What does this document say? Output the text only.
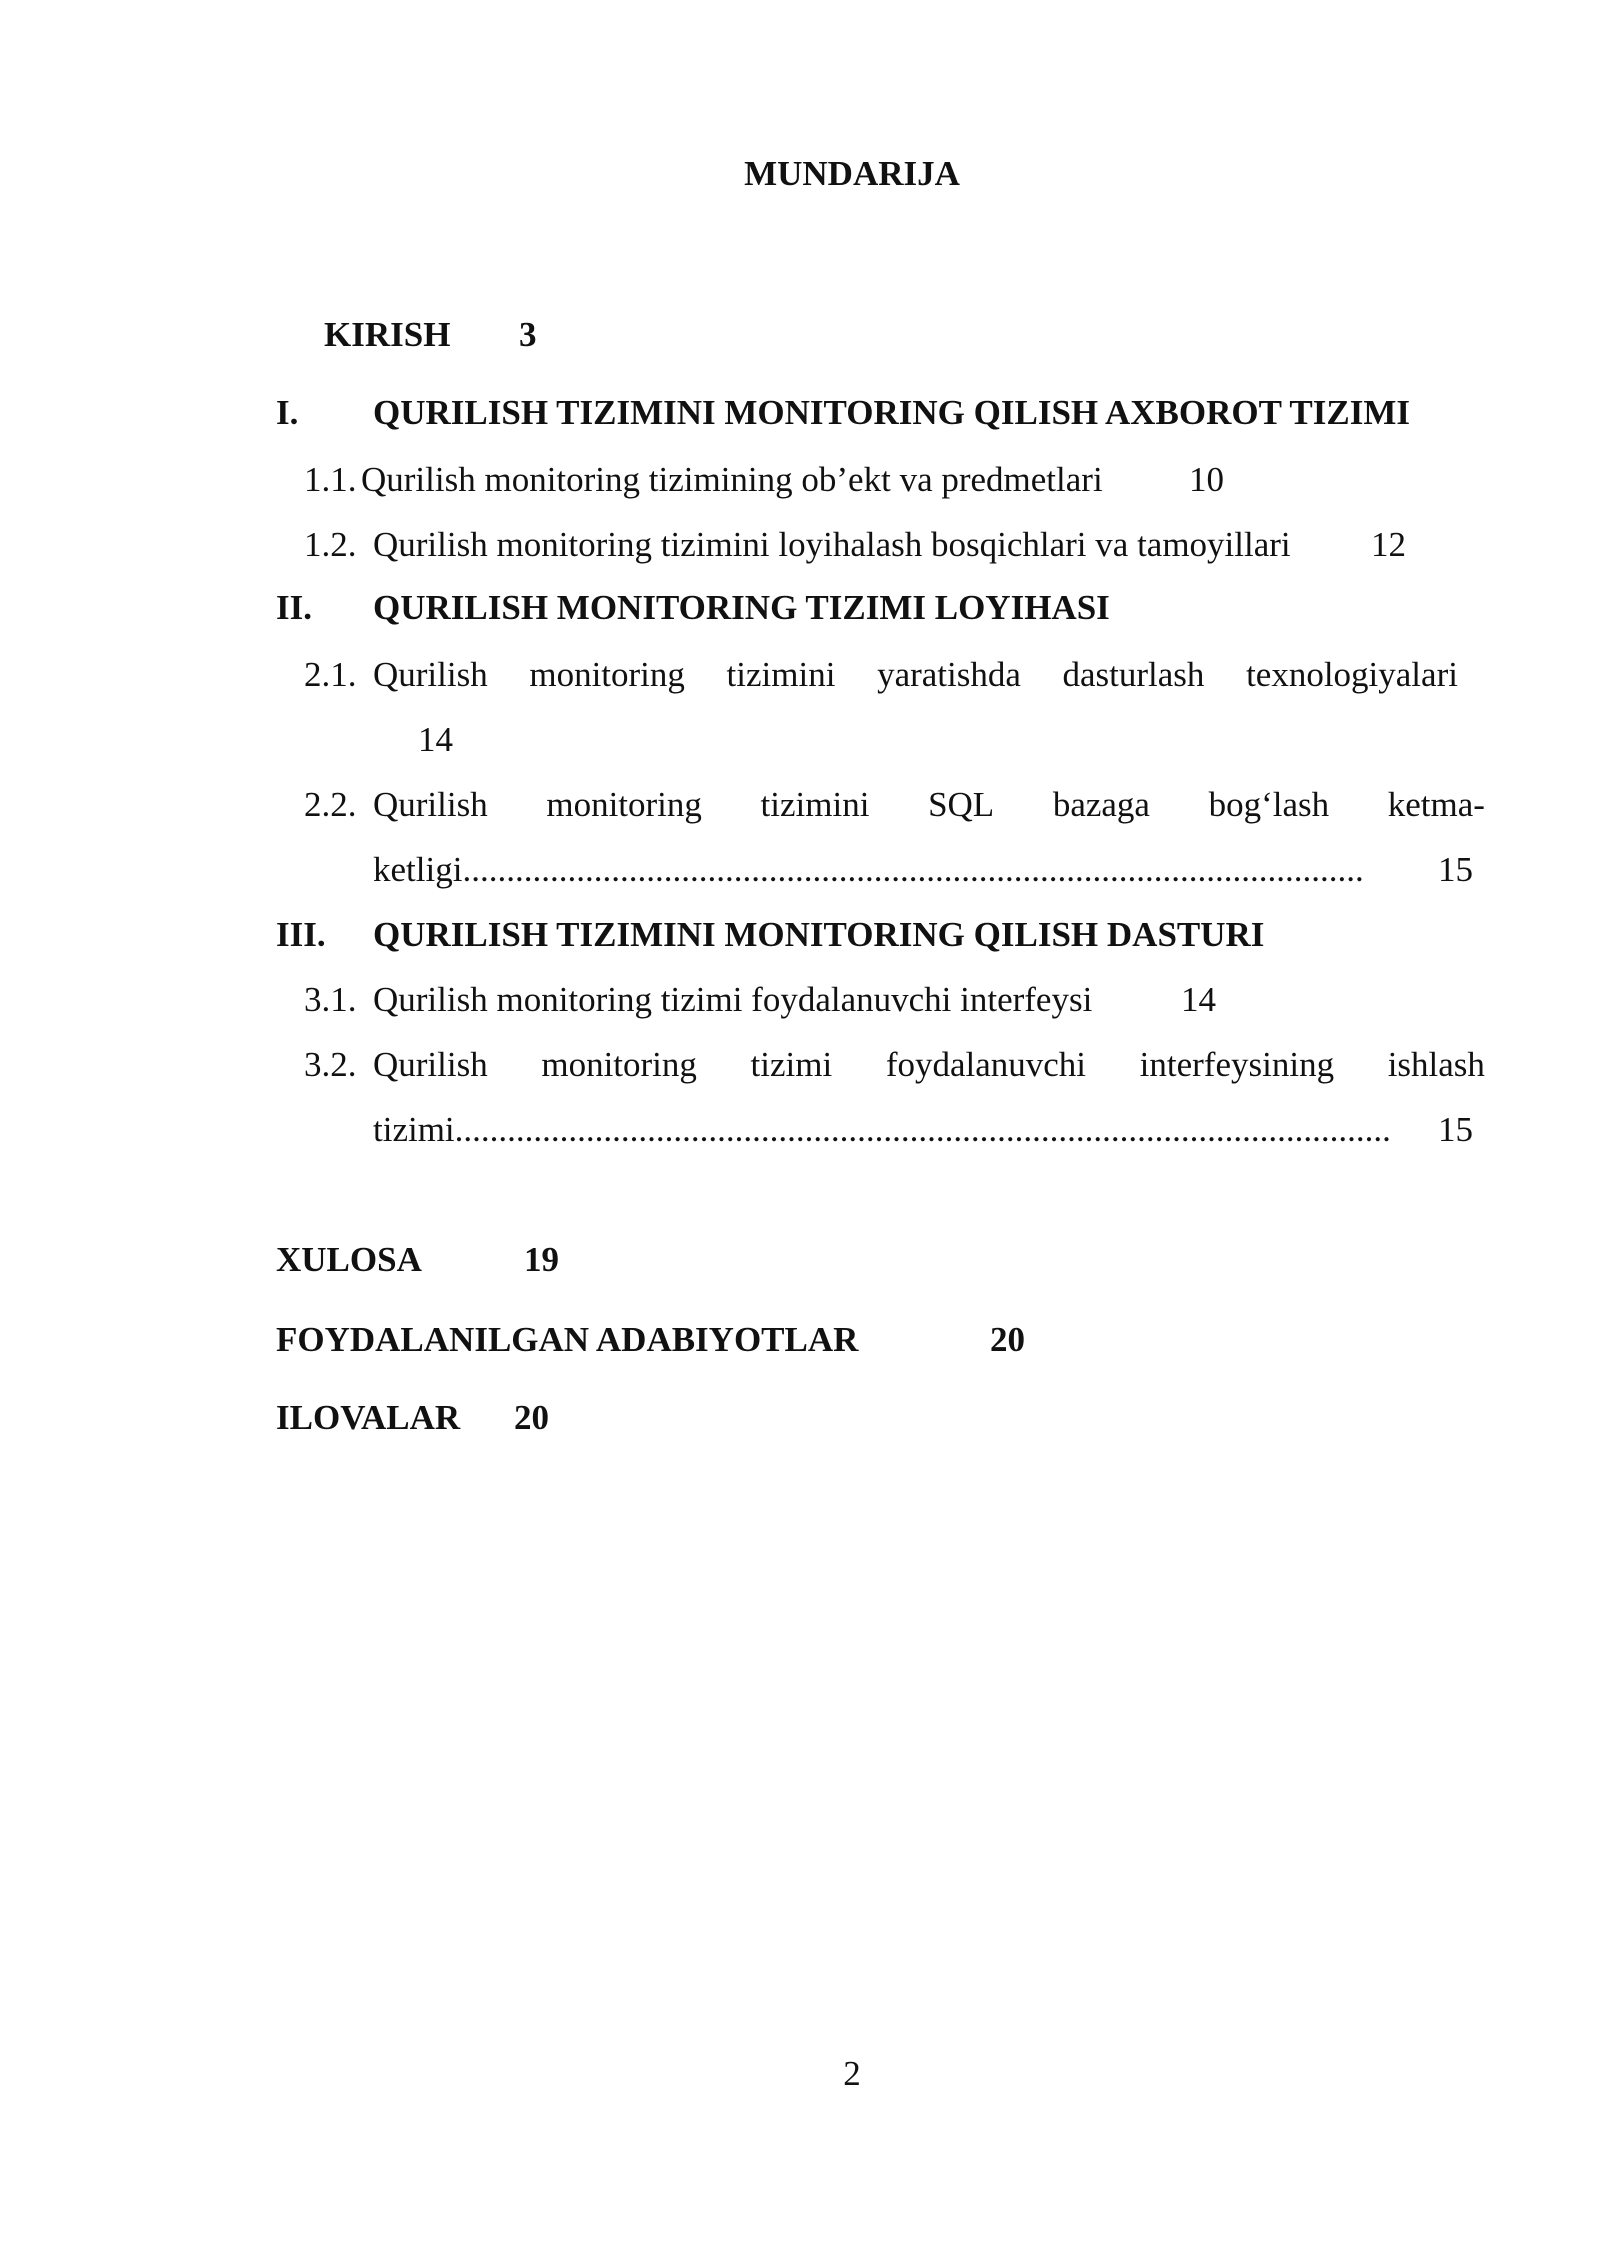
MUNDARIJA
KIRISH 3
I. QURILISH TIZIMINI MONITORING QILISH AXBOROT TIZIMI
1.1. Qurilish monitoring tizimining ob’ekt va predmetlari 10
1.2. Qurilish monitoring tizimini loyihalash bosqichlari va tamoyillari 12
II. QURILISH MONITORING TIZIMI LOYIHASI
2.1. Qurilish monitoring tizimini yaratishda dasturlash texnologiyalari
14
2.2. Qurilish monitoring tizimini SQL bazaga bog‘lash ketma-
ketligi .......................................................................................................	15
III. QURILISH TIZIMINI MONITORING QILISH DASTURI
3.1. Qurilish monitoring tizimi foydalanuvchi interfeysi	14
3.2. Qurilish monitoring tizimi foydalanuvchi interfeysining ishlash
tizimi ...........................................................................................................	15
XULOSA	19
FOYDALANILGAN ADABIYOTLAR	20
ILOVALAR 20
2
